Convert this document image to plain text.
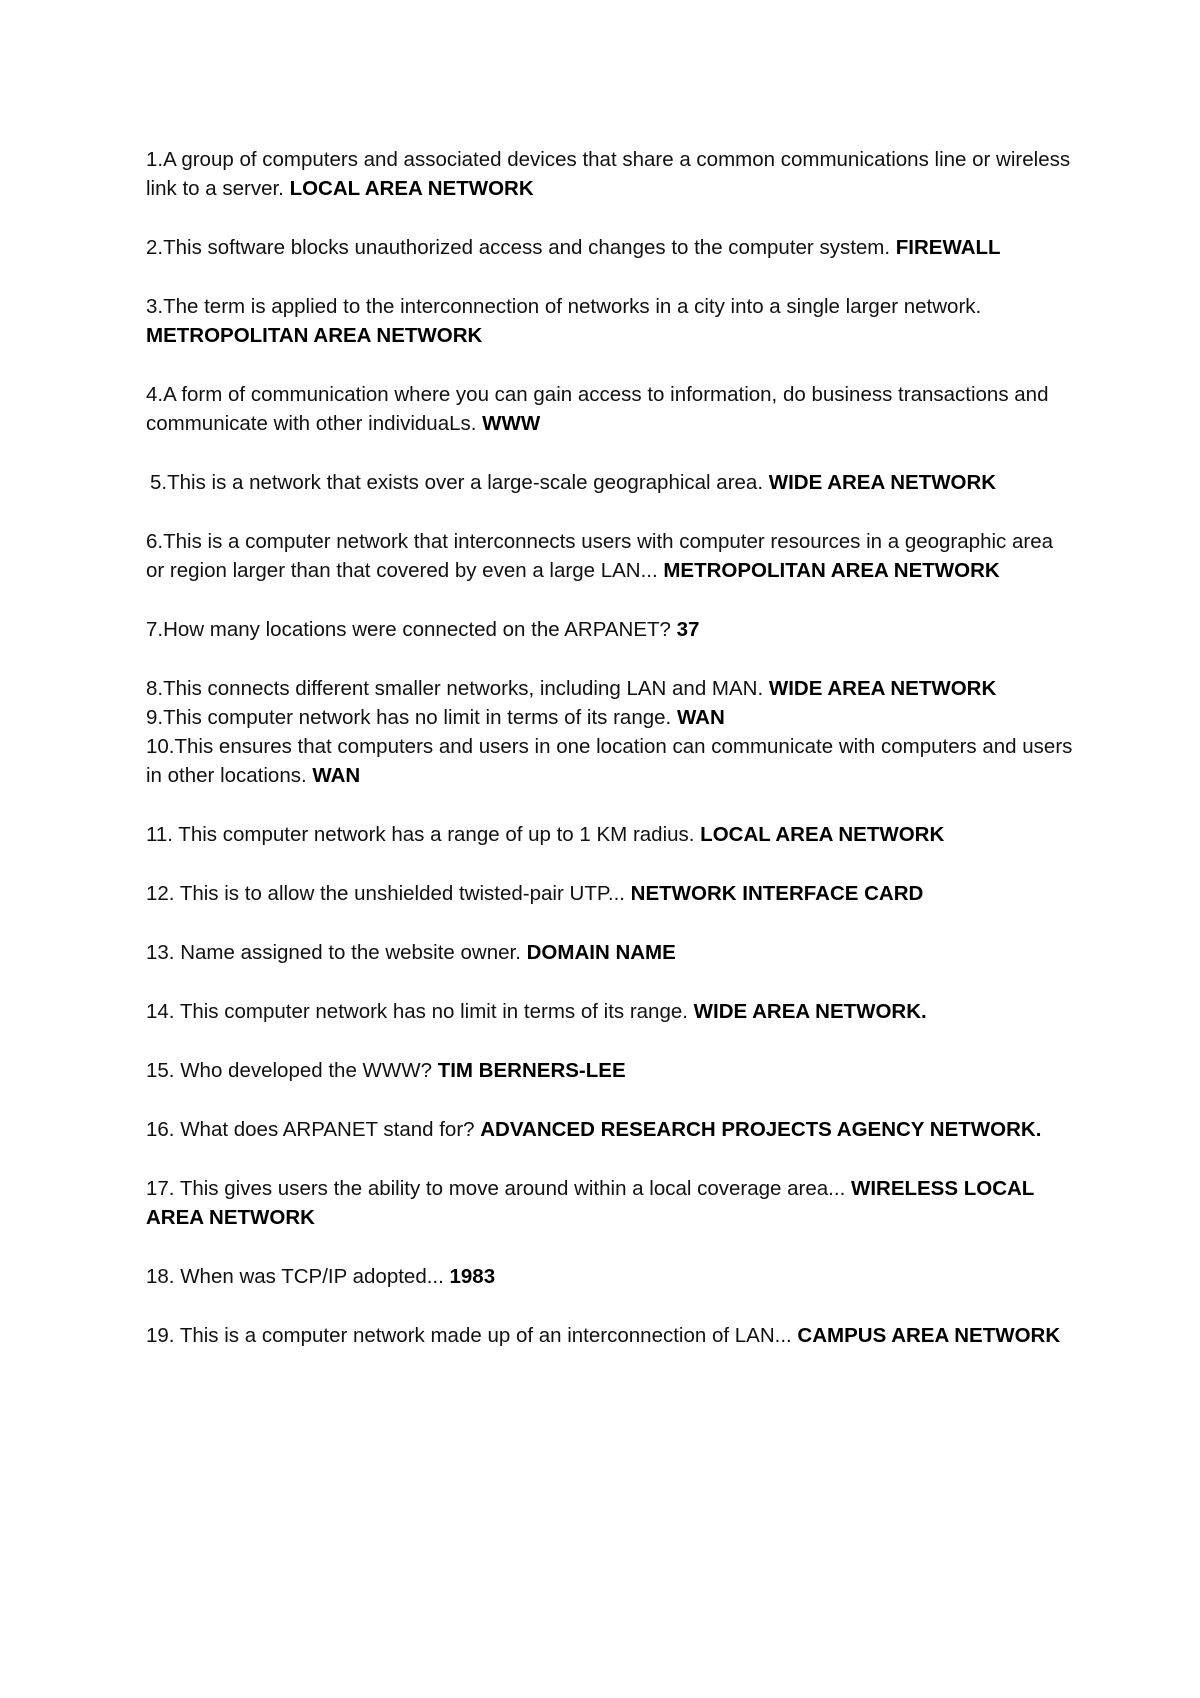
1.A group of computers and associated devices that share a common communications line or wireless link to a server. LOCAL AREA NETWORK

2.This software blocks unauthorized access and changes to the computer system. FIREWALL

3.The term is applied to the interconnection of networks in a city into a single larger network. METROPOLITAN AREA NETWORK

4.A form of communication where you can gain access to information, do business transactions and communicate with other individuaLs. WWW

5.This is a network that exists over a large-scale geographical area. WIDE AREA NETWORK

6.This is a computer network that interconnects users with computer resources in a geographic area or region larger than that covered by even a large LAN... METROPOLITAN AREA NETWORK

7.How many locations were connected on the ARPANET? 37

8.This connects different smaller networks, including LAN and MAN. WIDE AREA NETWORK

9.This computer network has no limit in terms of its range. WAN

10.This ensures that computers and users in one location can communicate with computers and users in other locations. WAN

11. This computer network has a range of up to 1 KM radius. LOCAL AREA NETWORK

12. This is to allow the unshielded twisted-pair UTP... NETWORK INTERFACE CARD

13. Name assigned to the website owner. DOMAIN NAME

14. This computer network has no limit in terms of its range. WIDE AREA NETWORK.

15. Who developed the WWW? TIM BERNERS-LEE

16. What does ARPANET stand for? ADVANCED RESEARCH PROJECTS AGENCY NETWORK.

17. This gives users the ability to move around within a local coverage area... WIRELESS LOCAL AREA NETWORK

18. When was TCP/IP adopted... 1983

19. This is a computer network made up of an interconnection of LAN... CAMPUS AREA NETWORK
